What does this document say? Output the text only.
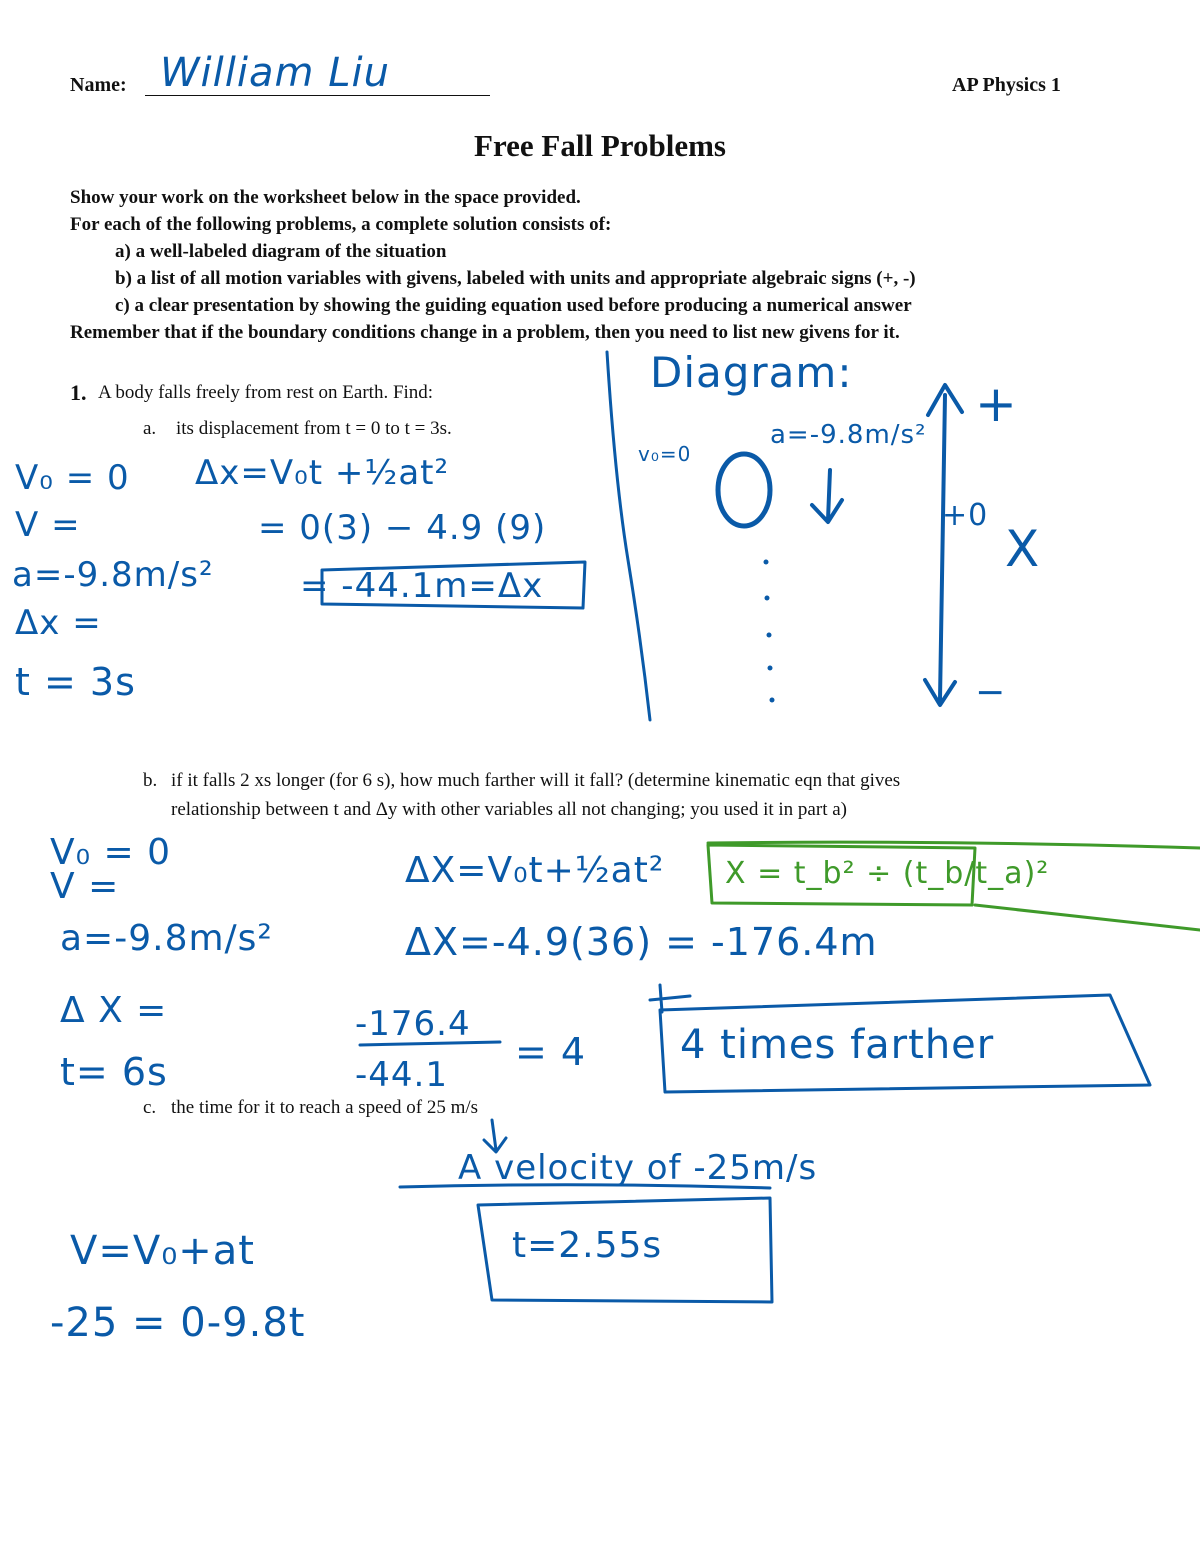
Name:	AP Physics 1
Free Fall Problems
Show your work on the worksheet below in the space provided.
For each of the following problems, a complete solution consists of:
a) a well-labeled diagram of the situation
b) a list of all motion variables with givens, labeled with units and appropriate algebraic signs (+, -)
c) a clear presentation by showing the guiding equation used before producing a numerical answer
Remember that if the boundary conditions change in a problem, then you need to list new givens for it.
1. A body falls freely from rest on Earth. Find:
a. its displacement from t = 0 to t = 3s.
b. if it falls 2 xs longer (for 6 s), how much farther will it fall? (determine kinematic eqn that gives
relationship between t and Δy with other variables all not changing; you used it in part a)
c. the time for it to reach a speed of 25 m/s
William Liu
V₀ = 0
V =
a=-9.8m/s²
Δx =
t = 3s
Δx=V₀t +½at²
= 0(3) − 4.9 (9)
= -44.1m=Δx
Diagram:
v₀=0
a=-9.8m/s²
+
+0
X
−
V₀ = 0
V =
a=-9.8m/s²
Δ X =
t= 6s
ΔX=V₀t+½at² X = t_b² ÷ (t_b/t_a)²
ΔX=-4.9(36) = -176.4m
-176.4
-44.1
= 4 4 times farther
A velocity of -25m/s
V=V₀+at
-25 = 0-9.8t
t=2.55s
